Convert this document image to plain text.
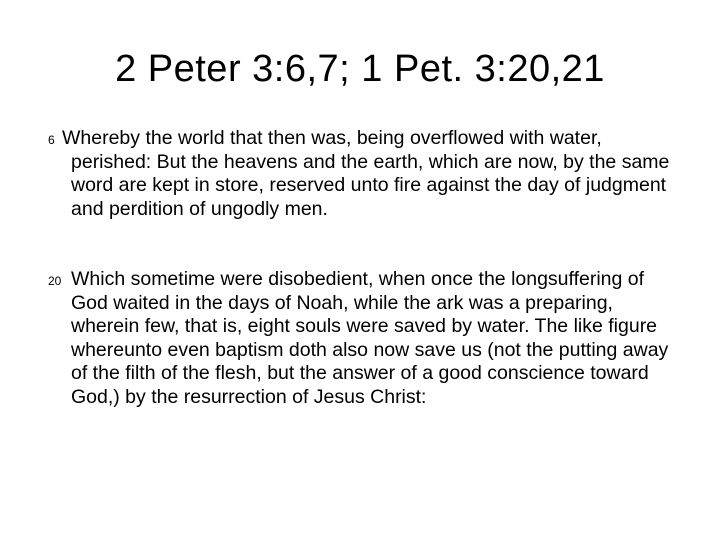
2 Peter 3:6,7; 1 Pet. 3:20,21

6 Whereby the world that then was, being overflowed with water, perished: But the heavens and the earth, which are now, by the same word are kept in store, reserved unto fire against the day of judgment and perdition of ungodly men.

20 Which sometime were disobedient, when once the longsuffering of God waited in the days of Noah, while the ark was a preparing, wherein few, that is, eight souls were saved by water. The like figure whereunto even baptism doth also now save us (not the putting away of the filth of the flesh, but the answer of a good conscience toward God,) by the resurrection of Jesus Christ:
